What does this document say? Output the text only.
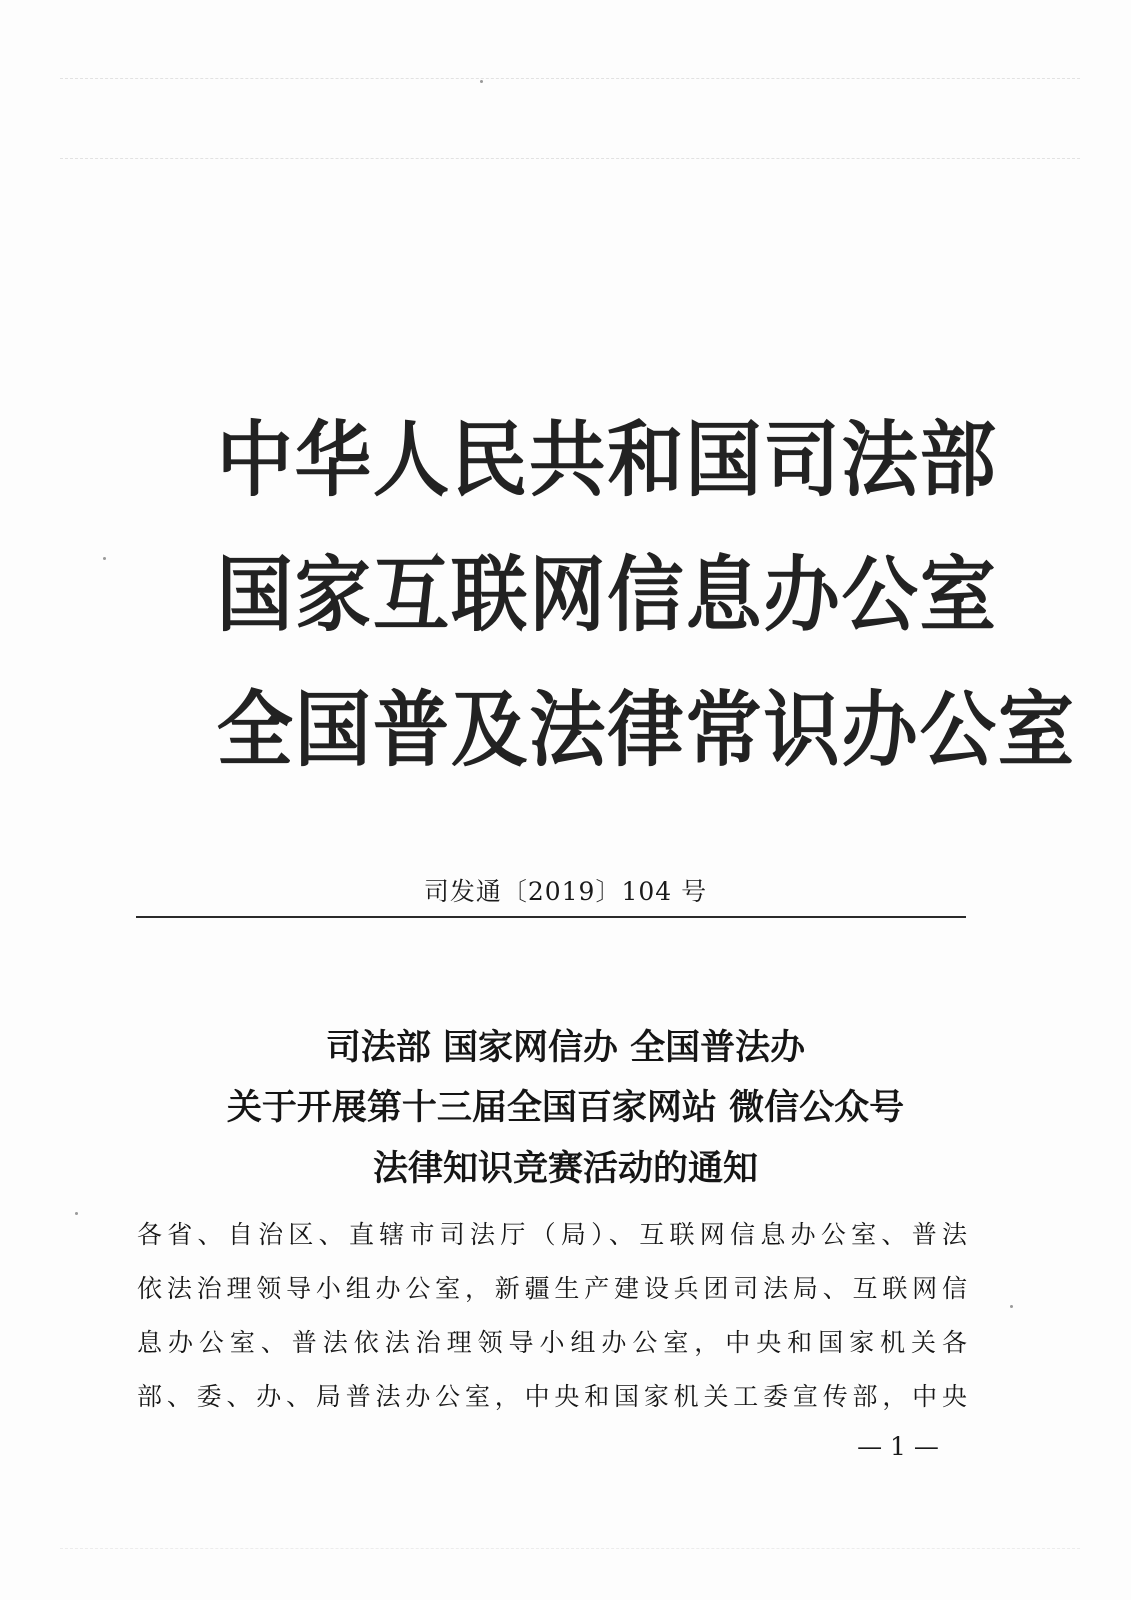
中华人民共和国司法部
国家互联网信息办公室
全国普及法律常识办公室
司发通〔2019〕104 号
司法部 国家网信办 全国普法办
关于开展第十三届全国百家网站 微信公众号
法律知识竞赛活动的通知
各省、自治区、直辖市司法厅（局）、互联网信息办公室、普法
依法治理领导小组办公室，新疆生产建设兵团司法局、互联网信
息办公室、普法依法治理领导小组办公室，中央和国家机关各
部、委、办、局普法办公室，中央和国家机关工委宣传部，中央
— 1 —
